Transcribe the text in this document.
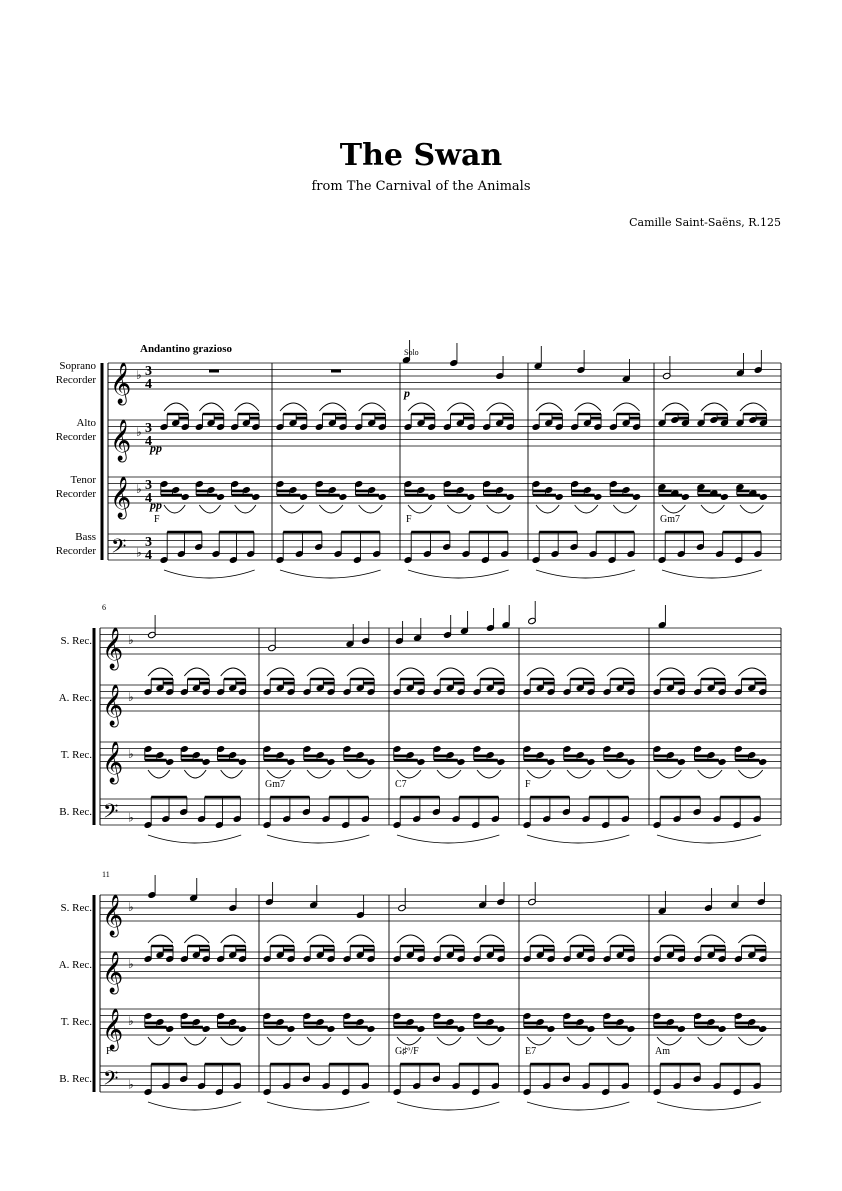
The Swan
from The Carnival of the Animals
Camille Saint-Saëns, R.125
𝄞 ♭ 3
4
𝄞 ♭ 3
4
𝄞 ♭ 3
4
𝄢 ♭
3
4
Soprano
Recorder
Alto
Recorder
Tenor
Recorder
Bass
Recorder
F	F	Gm7
𝄞 ♭
𝄞 ♭
𝄞 ♭
𝄢 ♭
S. Rec.
A. Rec.
T. Rec.
B. Rec.
6
Gm7	C7	F
𝄞 ♭
𝄞 ♭
𝄞 ♭
𝄢 ♭
S. Rec.
A. Rec.
T. Rec.
B. Rec.
11
F	G♯º/F	E7	Am
Andantino grazioso	Solo
p
pp
pp
